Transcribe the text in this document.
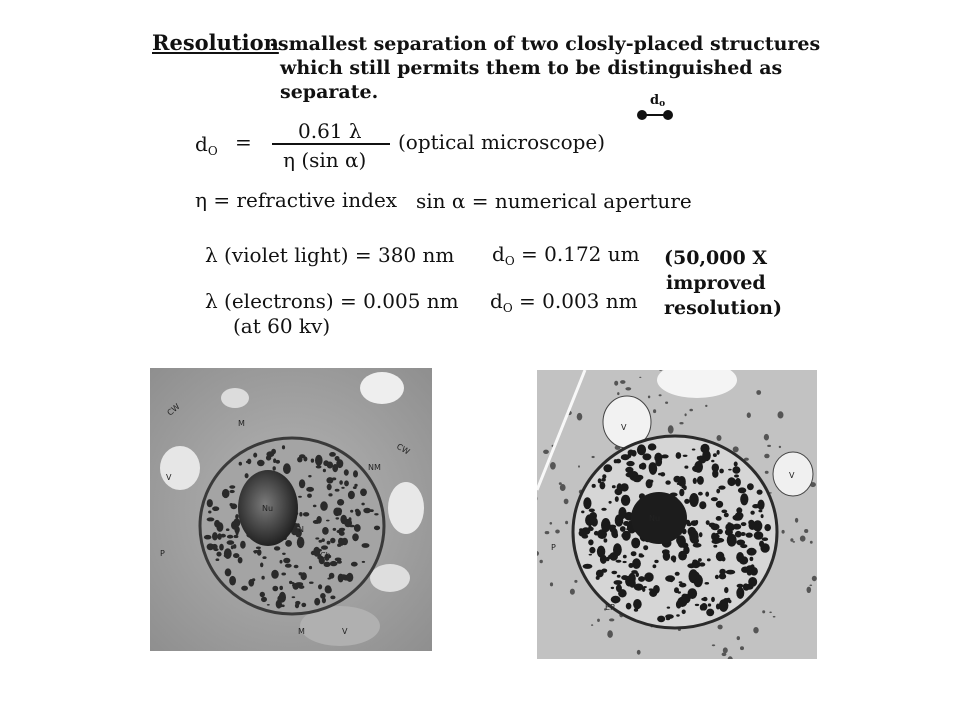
Resolution
-smallest separation of two closly-placed structures
which still permits them to be distinguished as
separate.	do
$d_O = 0.61$ λ
η (sin α)
(optical microscope)
η = refractive index sin α = numerical aperture
λ (violet light) = 380 nm $d_O = 0.172$ um
λ (electrons) = 0.005 nm
(at 60 kv)
$d_O = 0.003$ nm
(50,000 X
improved
resolution)
Nu
CW
M
CW
NM
V
N
Ch
P
M	V
Nu
V
V
P
ER
